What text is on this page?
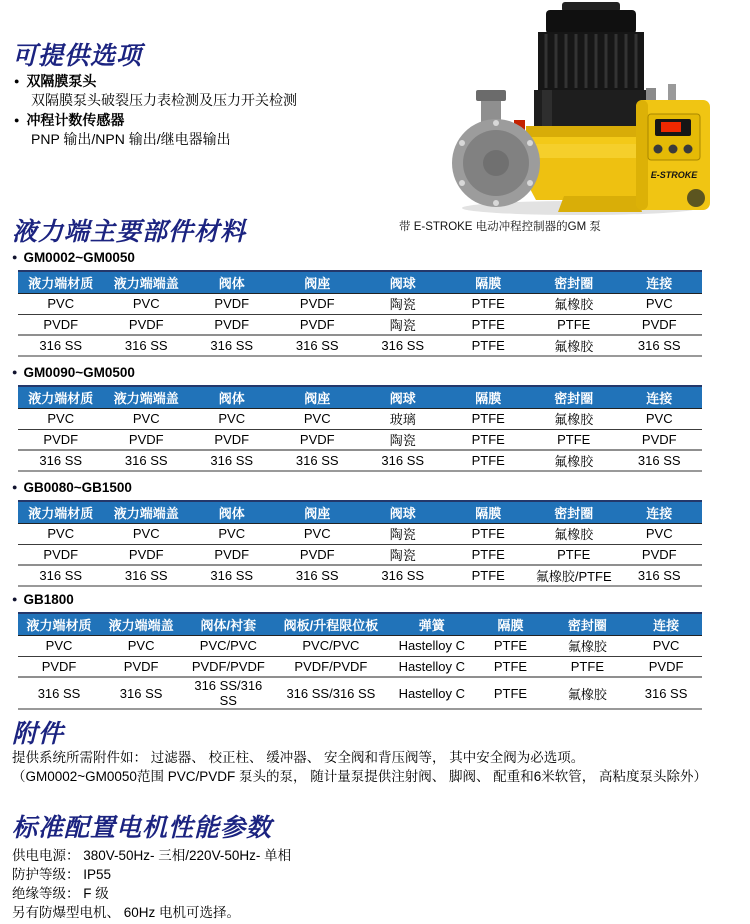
可提供选项
● 双隔膜泵头
双隔膜泵头破裂压力表检测及压力开关检测
● 冲程计数传感器
PNP 输出/NPN 输出/继电器输出
E-STROKE
带 E-STROKE 电动冲程控制器的GM 泵
液力端主要部件材料
● GM0002~GM0050
液力端材质	液力端端盖	阀体	阀座	阀球	隔膜	密封圈	连接
PVC	PVC	PVDF	PVDF	陶瓷	PTFE	氟橡胶	PVC
PVDF	PVDF	PVDF	PVDF	陶瓷	PTFE	PTFE	PVDF
316 SS	316 SS	316 SS	316 SS	316 SS	PTFE	氟橡胶	316 SS
● GM0090~GM0500
液力端材质	液力端端盖	阀体	阀座	阀球	隔膜	密封圈	连接
PVC	PVC	PVC	PVC	玻璃	PTFE	氟橡胶	PVC
PVDF	PVDF	PVDF	PVDF	陶瓷	PTFE	PTFE	PVDF
316 SS	316 SS	316 SS	316 SS	316 SS	PTFE	氟橡胶	316 SS
● GB0080~GB1500
液力端材质	液力端端盖	阀体	阀座	阀球	隔膜	密封圈	连接
PVC	PVC	PVC	PVC	陶瓷	PTFE	氟橡胶	PVC
PVDF	PVDF	PVDF	PVDF	陶瓷	PTFE	PTFE	PVDF
316 SS	316 SS	316 SS	316 SS	316 SS	PTFE	氟橡胶/PTFE	316 SS
● GB1800
液力端材质	液力端端盖	阀体/衬套	阀板/升程限位板	弹簧	隔膜	密封圈	连接
PVC	PVC	PVC/PVC	PVC/PVC	Hastelloy C	PTFE	氟橡胶	PVC
PVDF	PVDF	PVDF/PVDF	PVDF/PVDF	Hastelloy C	PTFE	PTFE	PVDF
316 SS	316 SS	316 SS/316 SS	316 SS/316 SS	Hastelloy C	PTFE	氟橡胶	316 SS
附件
提供系统所需附件如： 过滤器、 校正柱、 缓冲器、 安全阀和背压阀等， 其中安全阀为必选项。
（GM0002~GM0050范围 PVC/PVDF 泵头的泵， 随计量泵提供注射阀、 脚阀、 配重和6米软管， 高粘度泵头除外）
标准配置电机性能参数
供电电源： 380V-50Hz- 三相/220V-50Hz- 单相
防护等级： IP55
绝缘等级： F 级
另有防爆型电机、 60Hz 电机可选择。
